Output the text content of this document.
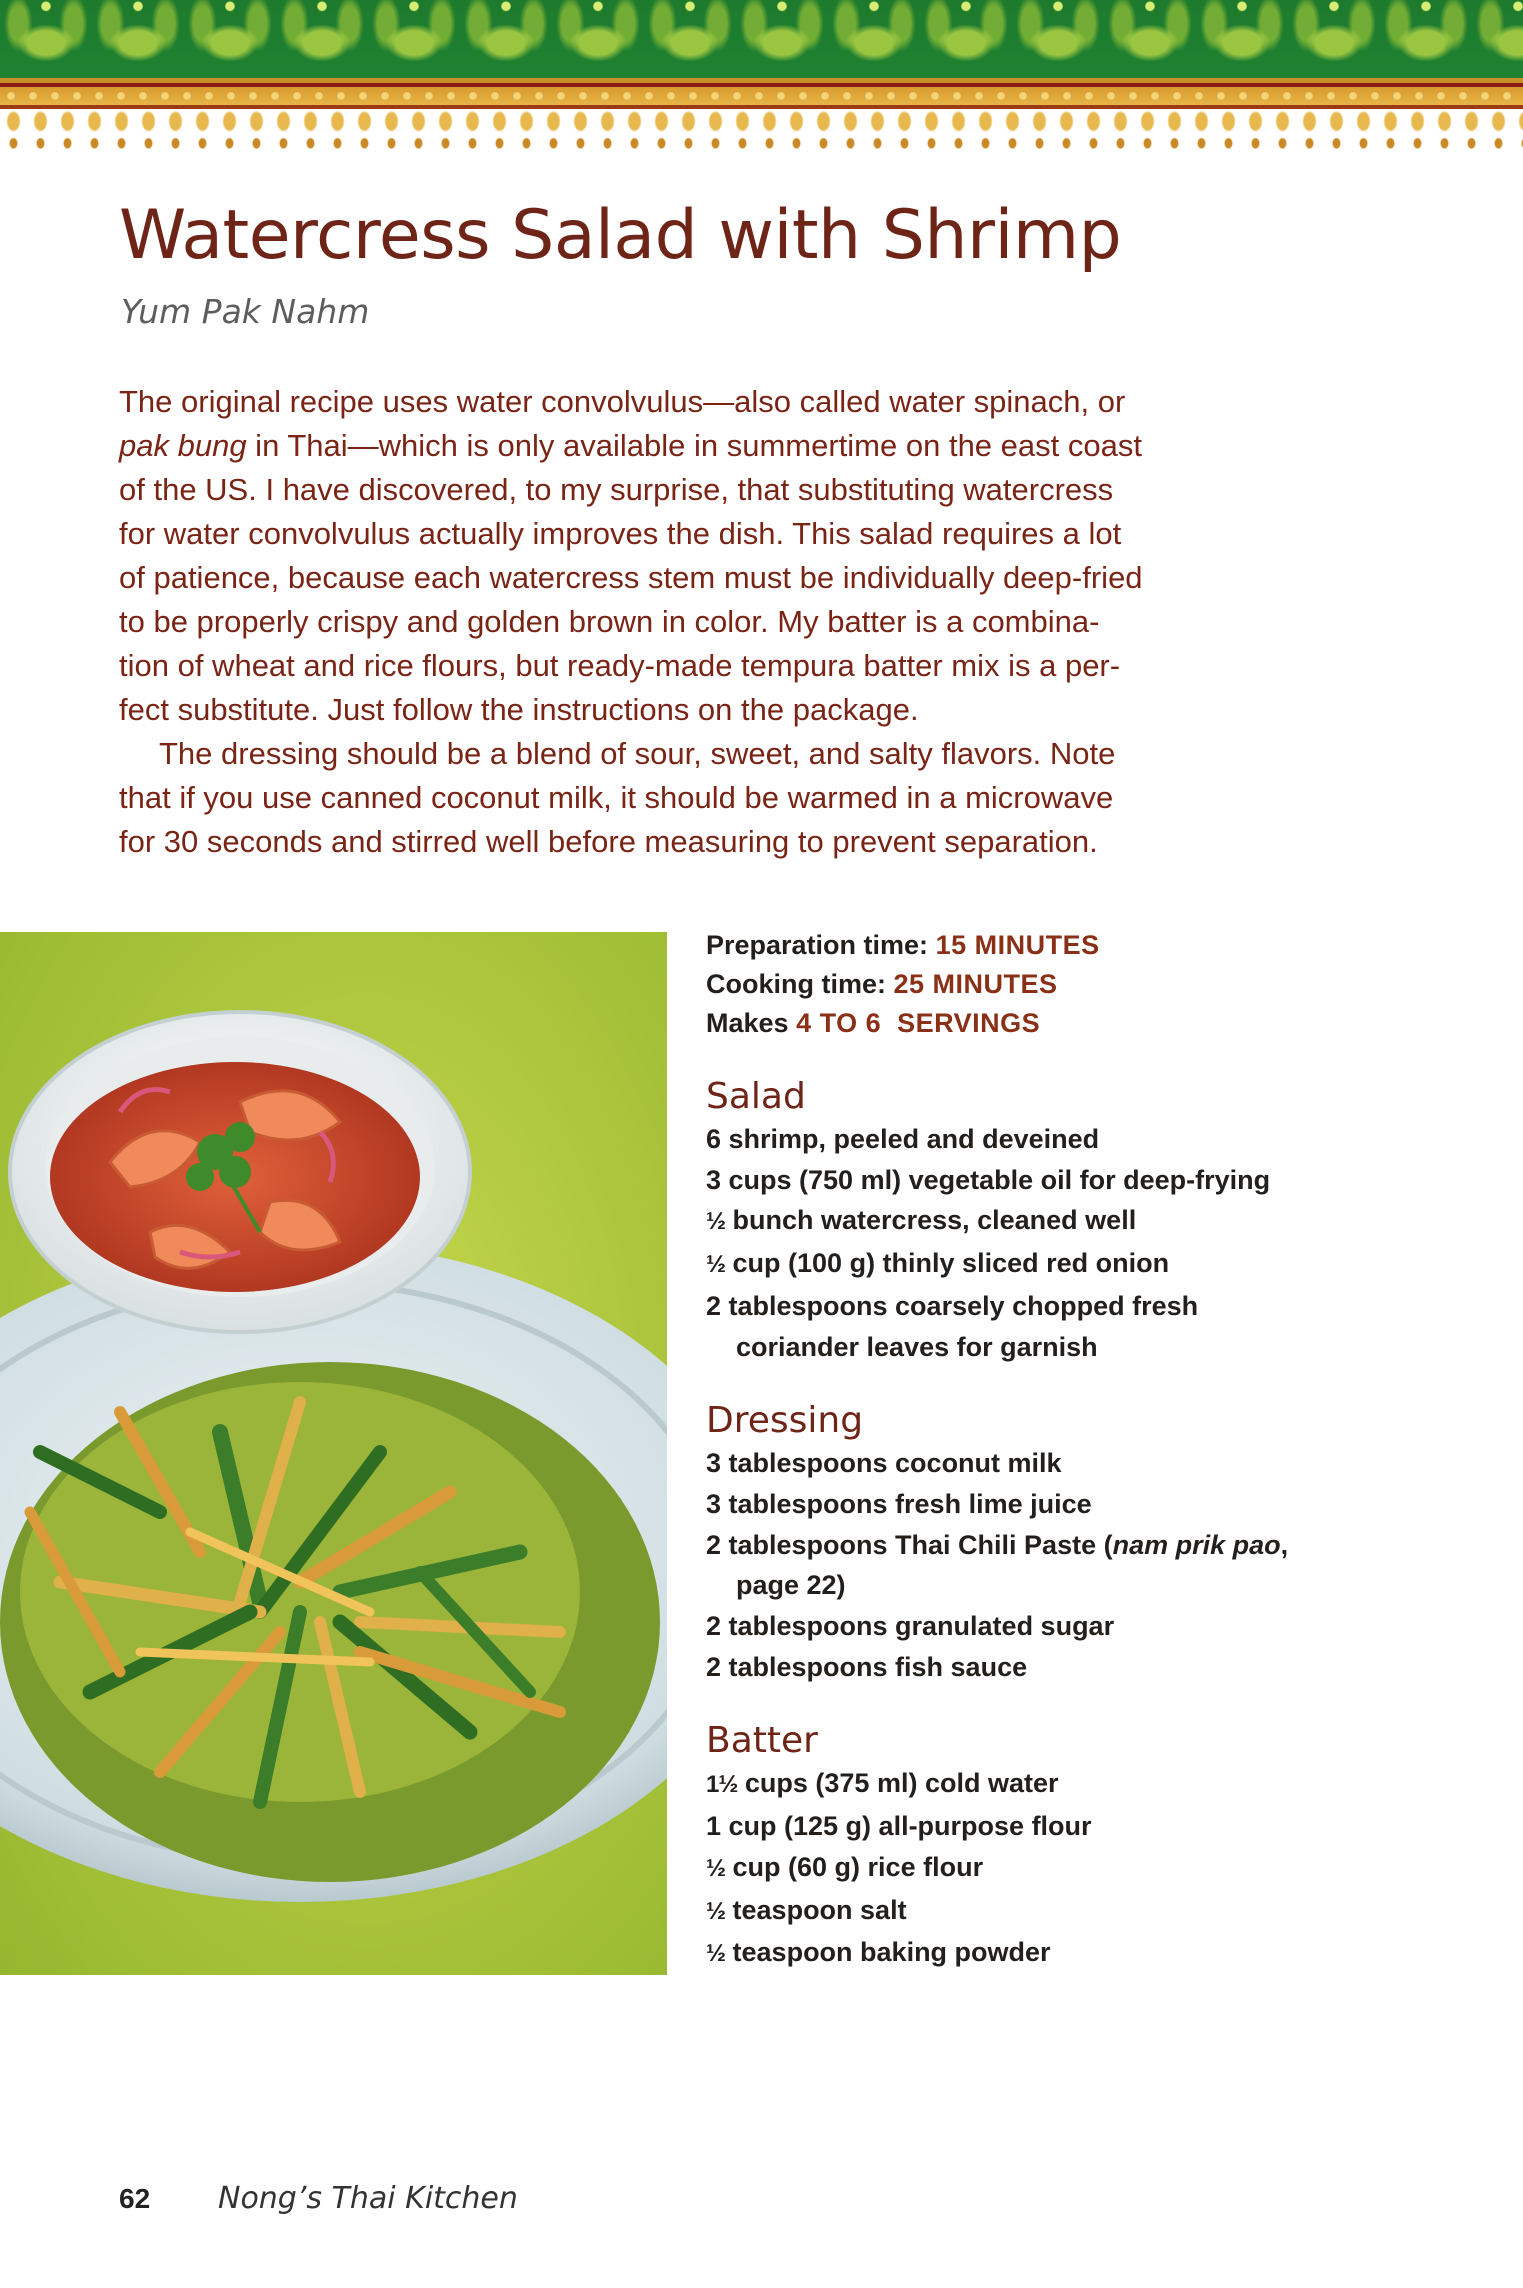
Watercress Salad with Shrimp
Yum Pak Nahm
The original recipe uses water convolvulus—also called water spinach, or
pak bung in Thai—which is only available in summertime on the east coast
of the US. I have discovered, to my surprise, that substituting watercress
for water convolvulus actually improves the dish. This salad requires a lot
of patience, because each watercress stem must be individually deep-fried
to be properly crispy and golden brown in color. My batter is a combina-
tion of wheat and rice flours, but ready-made tempura batter mix is a per-
fect substitute. Just follow the instructions on the package.
The dressing should be a blend of sour, sweet, and salty flavors. Note
that if you use canned coconut milk, it should be warmed in a microwave
for 30 seconds and stirred well before measuring to prevent separation.
Preparation time: 15 MINUTES
Cooking time: 25 MINUTES
Makes 4 TO 6  SERVINGS
Salad
6 shrimp, peeled and deveined
3 cups (750 ml) vegetable oil for deep-frying
½ bunch watercress, cleaned well
½ cup (100 g) thinly sliced red onion
2 tablespoons coarsely chopped fresh
coriander leaves for garnish
Dressing
3 tablespoons coconut milk
3 tablespoons fresh lime juice
2 tablespoons Thai Chili Paste (nam prik pao,
page 22)
2 tablespoons granulated sugar
2 tablespoons fish sauce
Batter
1½ cups (375 ml) cold water
1 cup (125 g) all-purpose flour
½ cup (60 g) rice flour
½ teaspoon salt
½ teaspoon baking powder
62 Nong’s Thai Kitchen
